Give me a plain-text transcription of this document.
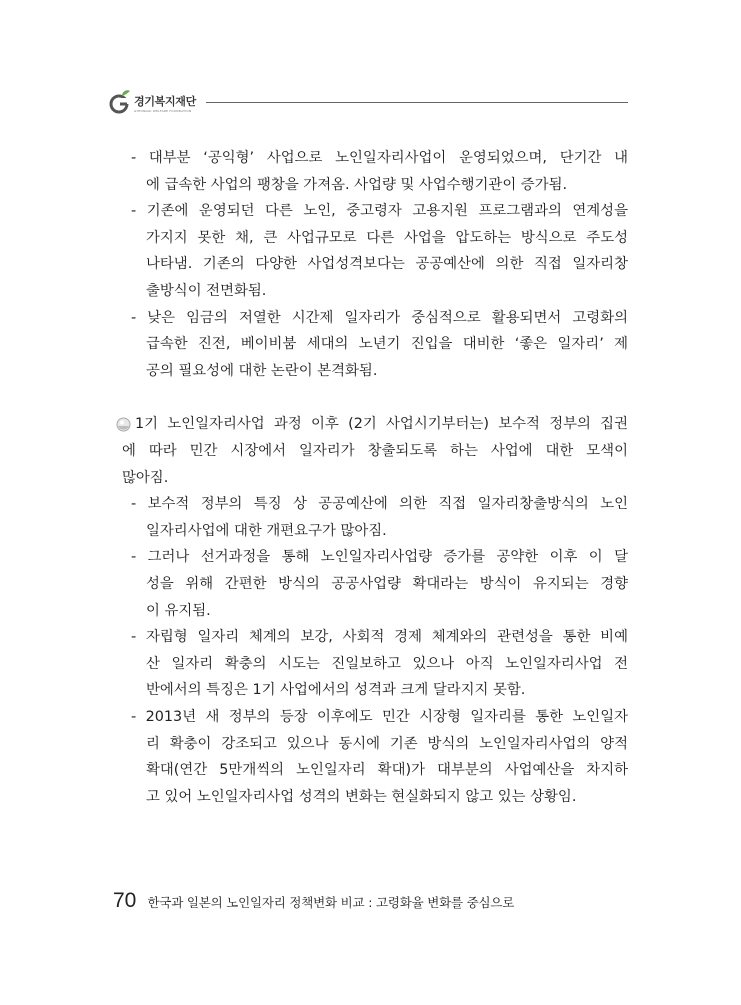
경기복지재단
GYEONGGI WELFARE FOUNDATION
- 대부분 ‘공익형’ 사업으로 노인일자리사업이 운영되었으며, 단기간 내
에 급속한 사업의 팽창을 가져옴. 사업량 및 사업수행기관이 증가됨.
- 기존에 운영되던 다른 노인, 중고령자 고용지원 프로그램과의 연계성을
가지지 못한 채, 큰 사업규모로 다른 사업을 압도하는 방식으로 주도성
나타냄. 기존의 다양한 사업성격보다는 공공예산에 의한 직접 일자리창
출방식이 전면화됨.
- 낮은 임금의 저열한 시간제 일자리가 중심적으로 활용되면서 고령화의
급속한 진전, 베이비붐 세대의 노년기 진입을 대비한 ‘좋은 일자리’ 제
공의 필요성에 대한 논란이 본격화됨.
1기 노인일자리사업 과정 이후 (2기 사업시기부터는) 보수적 정부의 집권
에 따라 민간 시장에서 일자리가 창출되도록 하는 사업에 대한 모색이
많아짐.
- 보수적 정부의 특징 상 공공예산에 의한 직접 일자리창출방식의 노인
일자리사업에 대한 개편요구가 많아짐.
- 그러나 선거과정을 통해 노인일자리사업량 증가를 공약한 이후 이 달
성을 위해 간편한 방식의 공공사업량 확대라는 방식이 유지되는 경향
이 유지됨.
- 자립형 일자리 체계의 보강, 사회적 경제 체계와의 관련성을 통한 비예
산 일자리 확충의 시도는 진일보하고 있으나 아직 노인일자리사업 전
반에서의 특징은 1기 사업에서의 성격과 크게 달라지지 못함.
- 2013년 새 정부의 등장 이후에도 민간 시장형 일자리를 통한 노인일자
리 확충이 강조되고 있으나 동시에 기존 방식의 노인일자리사업의 양적
확대(연간 5만개씩의 노인일자리 확대)가 대부분의 사업예산을 차지하
고 있어 노인일자리사업 성격의 변화는 현실화되지 않고 있는 상황임.
70 한국과 일본의 노인일자리 정책변화 비교 : 고령화율 변화를 중심으로
